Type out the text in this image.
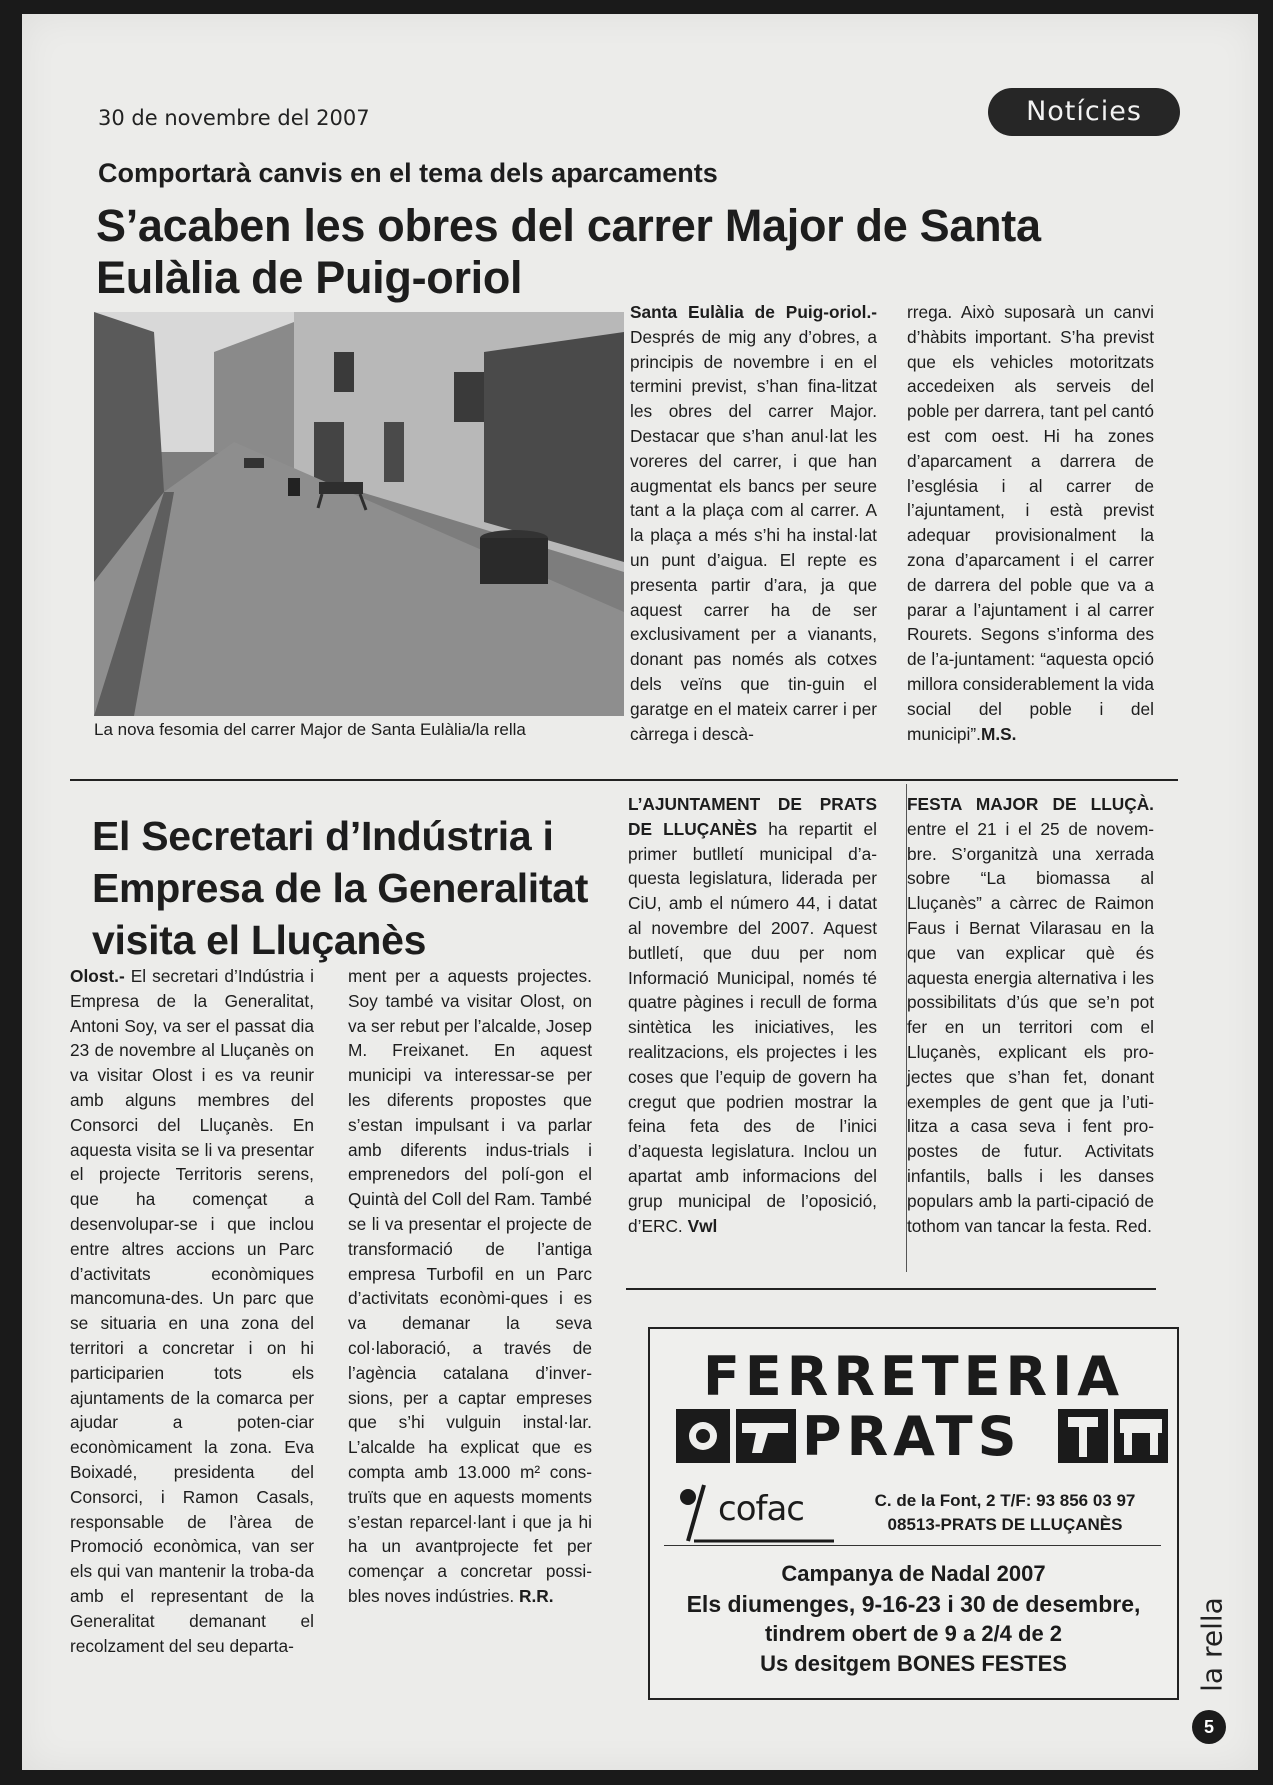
30 de novembre del 2007	Notícies
Comportarà canvis en el tema dels aparcaments
S’acaben les obres del carrer Major de Santa Eulàlia de Puig-oriol
La nova fesomia del carrer Major de Santa Eulàlia/la rella
Santa Eulàlia de Puig-oriol.- Després de mig any d’obres, a principis de novembre i en el termini previst, s’han fina-litzat les obres del carrer Major. Destacar que s’han anul·lat les voreres del carrer, i que han augmentat els bancs per seure tant a la plaça com al carrer. A la plaça a més s’hi ha instal·lat un punt d’aigua. El repte es presenta partir d’ara, ja que aquest carrer ha de ser exclusivament per a vianants, donant pas només als cotxes dels veïns que tin-guin el garatge en el mateix carrer i per càrrega i descà-
rrega. Això suposarà un canvi d’hàbits important. S’ha previst que els vehicles motoritzats accedeixen als serveis del poble per darrera, tant pel cantó est com oest. Hi ha zones d’aparcament a darrera de l’església i al carrer de l’ajuntament, i està previst adequar provisionalment la zona d’aparcament i el carrer de darrera del poble que va a parar a l’ajuntament i al carrer Rourets. Segons s’informa des de l’a-juntament: “aquesta opció millora considerablement la vida social del poble i del municipi”.M.S.
El Secretari d’Indústria i Empresa de la Generalitat visita el Lluçanès
Olost.- El secretari d’Indústria i Empresa de la Generalitat, Antoni Soy, va ser el passat dia 23 de novembre al Lluçanès on va visitar Olost i es va reunir amb alguns membres del Consorci del Lluçanès. En aquesta visita se li va presentar el projecte Territoris serens, que ha començat a desenvolupar-se i que inclou entre altres accions un Parc d’activitats econòmiques mancomuna-des. Un parc que se situaria en una zona del territori a concretar i on hi participarien tots els ajuntaments de la comarca per ajudar a poten-ciar econòmicament la zona. Eva Boixadé, presidenta del Consorci, i Ramon Casals, responsable de l’àrea de Promoció econòmica, van ser els qui van mantenir la troba-da amb el representant de la Generalitat demanant el recolzament del seu departa-
ment per a aquests projectes. Soy també va visitar Olost, on va ser rebut per l’alcalde, Josep M. Freixanet. En aquest municipi va interessar-se per les diferents propostes que s’estan impulsant i va parlar amb diferents indus-trials i emprenedors del polí-gon el Quintà del Coll del Ram. També se li va presentar el projecte de transformació de l’antiga empresa Turbofil en un Parc d’activitats econòmi-ques i es va demanar la seva col·laboració, a través de l’agència catalana d’inver-sions, per a captar empreses que s’hi vulguin instal·lar. L’alcalde ha explicat que es compta amb 13.000 m² cons-truïts que en aquests moments s’estan reparcel·lant i que ja hi ha un avantprojecte fet per començar a concretar possi-bles noves indústries. R.R.
L’AJUNTAMENT DE PRATS DE LLUÇANÈS ha repartit el primer butlletí municipal d’a-questa legislatura, liderada per CiU, amb el número 44, i datat al novembre del 2007. Aquest butlletí, que duu per nom Informació Municipal, només té quatre pàgines i recull de forma sintètica les iniciatives, les realitzacions, els projectes i les coses que l’equip de govern ha cregut que podrien mostrar la feina feta des de l’inici d’aquesta legislatura. Inclou un apartat amb informacions del grup municipal de l’oposició, d’ERC. Vwl
FESTA MAJOR DE LLUÇÀ. entre el 21 i el 25 de novem-bre. S’organitzà una xerrada sobre “La biomassa al Lluçanès” a càrrec de Raimon Faus i Bernat Vilarasau en la que van explicar què és aquesta energia alternativa i les possibilitats d’ús que se’n pot fer en un territori com el Lluçanès, explicant els pro-jectes que s’han fet, donant exemples de gent que ja l’uti-litza a casa seva i fent pro-postes de futur. Activitats infantils, balls i les danses populars amb la parti-cipació de tothom van tancar la festa. Red.
FERRETERIA
PRATS
cofac	C. de la Font, 2 T/F: 93 856 03 97
08513-PRATS DE LLUÇANÈS
Campanya de Nadal 2007
Els diumenges, 9-16-23 i 30 de desembre,
tindrem obert de 9 a 2/4 de 2
Us desitgem BONES FESTES	la rella
5
